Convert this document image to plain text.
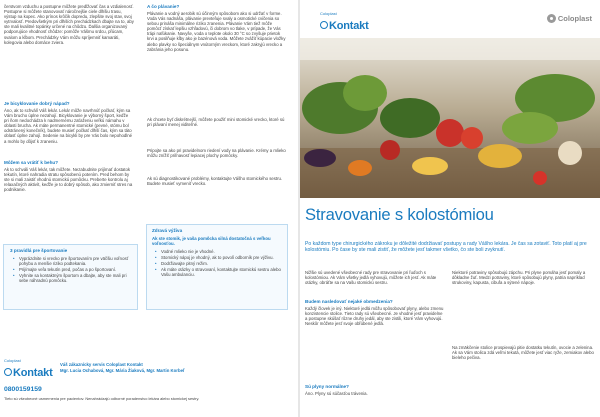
čerstvom vzduchu a postupne môžete predlžovať čas a vzdialenosť. Postupne si môžete stanovovať náročnejšie ciele dlhšiu trasu, výstup na kopec. Ako prínos krôčik dopredu, zlepšite svoj stav, svoj vytrvalosť. Predovšetkým pri dlhších prechádzkach dbajte na to, aby ste mali kvalitné topánky určené na chôdzu. Ďalšia organizovaný podporujúce vhodnosť chôdze: pomôže Vášmu srdcu, pľúcam, svalom a kĺbom. Prechádzky Vám môžu spríjemniť kamaráti, kolegovia alebo domáce zviera.

Je bicyklovanie dobrý nápad?

Áno, ak to schválí Váš lekár. Lekár môže navrhnúť počkať, kým sa Vám brucho úplne nezahojí. Bicyklovanie je výborný šport, keďže pri ňom nedochádza k nadmernému zaťaženiu veľkú námahu v oblasti brucha. Ak máte permanentné stomické (pevné, stómu bol odstránený konečník), budete musieť počkať dlhší čas, kým sa táto oblasť úplne zahojí. Sedenie na bicykli by pre Vás bolo nepohodlné a mohlo by dôjsť k zraneniu.

Môžem sa vrátiť k behu?

Ak to schváli Váš lekár, tak môžete. Nezabudnite prijímať dostatok tekutín, ktoré nahradia stratu spôsobenú potením. Pred behom by ste si mali zaistiť vhodnú stomickú pomôcku. Preberte kontrolu aj relaxačných aktivít, keďže je to dobrý spôsob, ako zmierniť stres na podnikanie.

3 pravidlá pre športovanie

• Vyprázdnite si vrecko pre športovaním pre väčšiu voľnosť pohybu a menšie riziko podtekania.
• Prijímajte veľa tekutín pred, počas a po športovaní.
• Vyhnite sa kontaktným športom a dbajte, aby ste mali pri sebe náhradnú pomôcku.

A čo plávanie?

Plávanie a vodný aerobik sú účinným spôsobom ako si udržať v forme. Voda Vás nadnáša, plávanie prevteľuje svaly a osmotické cvičenia so sebou prináša minimálne riziko zranenia. Plávanie Vám tiež môže pomôcť získať lepšiu vzhľadovú, či dobrom vo tlake, v prípade, že Vás trápi nafúkanie. Navyše, voda o teplote okolo 30 °C so zvyšuje prietok krvi a posilňuje kĺby ako je bazénová voda. Môžete zvážiť kúpacie vložky alebo plavky so špeciálnym vnútorným vreckom, ktoré zakryjú vrecko a zabránia jeho posunu.

Ak chcete byť diskrétnejší, môžete použiť mini stomické vrecko, ktoré sú pri plávaní menej viditeľné.

Pripojte sa ako pri pravidelnom riedení vody na plávanie. Krémy a mlieko môžu znížiť priľnavosť lepiacej plochy pomôcky.

Ak sú diagnostikované problémy, kontaktujte Vášho stomického sestru. Budete musieť vymeniť vrecko.

Zdravá výživa

Ak ste stomik, je vaša pomôcka silná dostatočná s veľkou voľnosťou.

• Vodné mlieko nie je vhodné.
• Stomický nápoj je vhodný, ak to povolí odborník pre výživu.
• Dodržiavajte pitný režim.
• Ak máte otázky o stravovaní, kontaktujte stomickú sestru alebo Vašu ambulanciu.
Coloplast
Kontakt

Váš zákaznícky servis Coloplast Kontakt

Mgr. Lucia Ochabová, Mgr. Mária Žiaková, Mgr. Martin Korbeľ

0800159159

Tieto sú všeobecné usmernenia pre pacientov. Nenahrádzajú odborné poradenstvo lekára alebo stomickej sestry.

Coloplast
Kontakt
Coloplast
Stravovanie s kolostómiou

Po každom type chirurgického zákroku je dôležité dodržiavať postupy a rady Vášho lekára. Je čas sa zotaviť. Toto platí aj pre kolostómiu. Po čase by ste mali zistiť, že môžete jesť takmer všetko, čo ste boli zvyknutí.

Nižšie sú uvedené všeobecné rady pre stravovanie pri ľuďoch s kolostómiou. Ak Vám všetky jedlá vyhovujú, môžete ich jesť. Ak máte otázky, obráťte sa na Vašu stomickú sestru.

Budem nasledovať nejaké obmedzenia?

Každý človek je iný. Niektoré jedlá môžu spôsobovať plyny, alebo zmenu konzistencie stolice. Tieto rady sú všeobecné. Je vhodné jesť pravidelne a postupne skúšať rôzne druhy jedál, aby ste zistili, ktoré Vám vyhovujú. Neskôr môžete jesť svoje obľúbené jedlá.

Sú plyny normálne?

Áno. Plyny sú súčasťou trávenia.

Niektoré potraviny spôsobujú zápchu. Pri plyne pomáha jesť pomaly a dôkladne žuť. Medzi potraviny, ktoré spôsobujú plyny, patria napríklad strukoviny, kapusta, cibuľa a sýtené nápoje.

Na zmäkčenie stolice prospievajú pitie dostatku tekutín, ovocie a zelenina. Ak sa Vám stolica zdá veľmi tekutá, môžete jesť viac ryže, zemiakov alebo bieleho pečiva.
